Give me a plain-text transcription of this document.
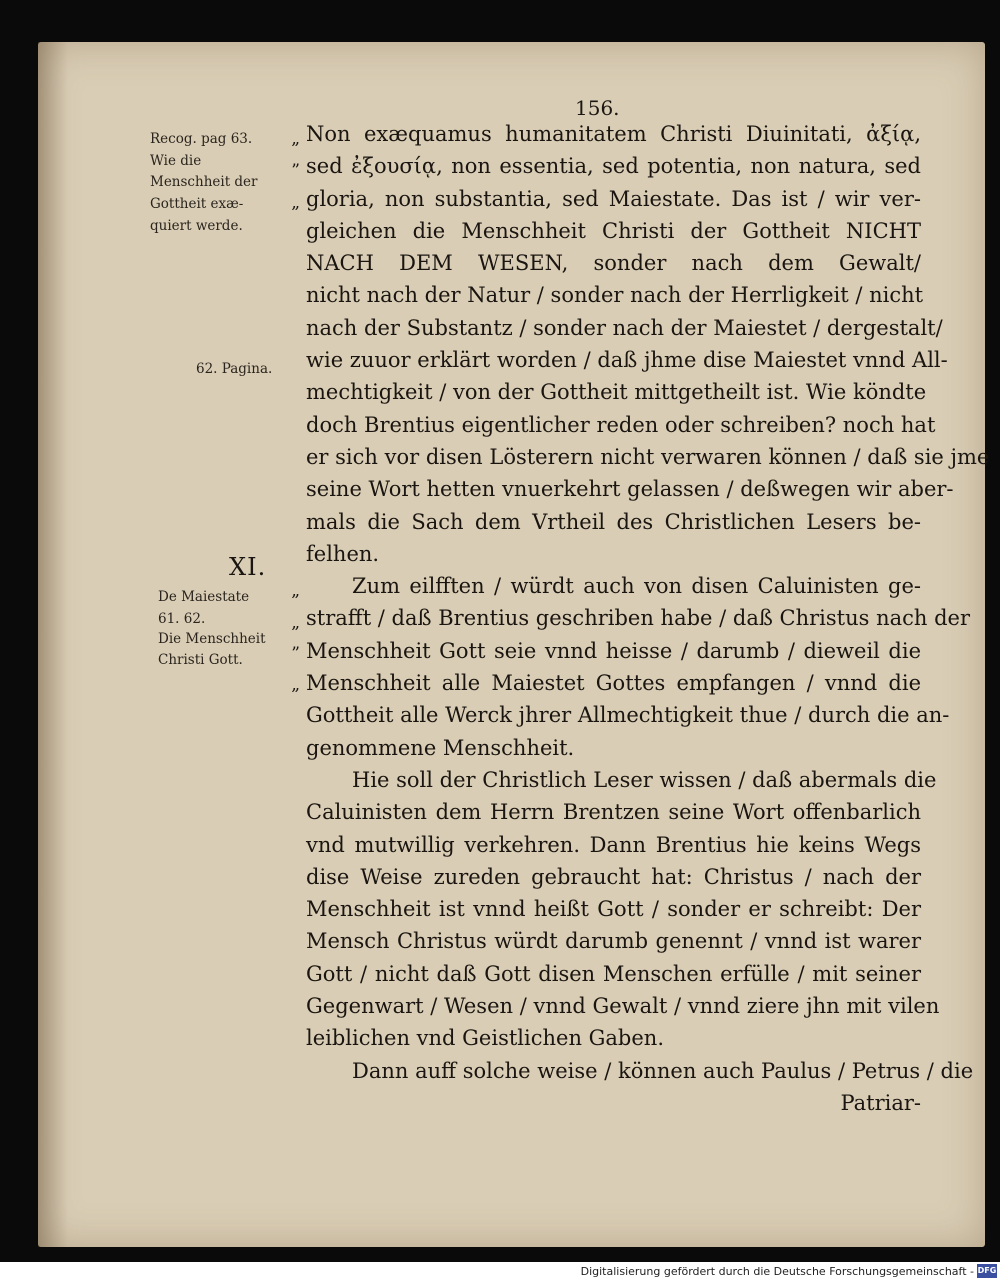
156.
Recog. pag 63.
Wie die
Menschheit der
Gottheit exæ-
quiert werde.
62. Pagina.
De Maiestate
61. 62.
Die Menschheit
Christi Gott.
XI.
„
”
„
„
„
”
„
Non exæquamus humanitatem Christi Diuinitati, ἀξίᾳ,
sed ἐξουσίᾳ, non essentia, sed potentia, non natura, sed
gloria, non substantia, sed Maiestate. Das ist / wir ver-
gleichen die Menschheit Christi der Gottheit NICHT
NACH DEM WESEN, sonder nach dem Gewalt/
nicht nach der Natur / sonder nach der Herrligkeit / nicht
nach der Substantz / sonder nach der Maiestet / dergestalt/
wie zuuor erklärt worden / daß jhme dise Maiestet vnnd All-
mechtigkeit / von der Gottheit mittgetheilt ist. Wie köndte
doch Brentius eigentlicher reden oder schreiben? noch hat
er sich vor disen Lösterern nicht verwaren können / daß sie jme
seine Wort hetten vnuerkehrt gelassen / deßwegen wir aber-
mals die Sach dem Vrtheil des Christlichen Lesers be-
felhen.
Zum eilfften / würdt auch von disen Caluinisten ge-
strafft / daß Brentius geschriben habe / daß Christus nach der
Menschheit Gott seie vnnd heisse / darumb / dieweil die
Menschheit alle Maiestet Gottes empfangen / vnnd die
Gottheit alle Werck jhrer Allmechtigkeit thue / durch die an-
genommene Menschheit.
Hie soll der Christlich Leser wissen / daß abermals die
Caluinisten dem Herrn Brentzen seine Wort offenbarlich
vnd mutwillig verkehren. Dann Brentius hie keins Wegs
dise Weise zureden gebraucht hat: Christus / nach der
Menschheit ist vnnd heißt Gott / sonder er schreibt: Der
Mensch Christus würdt darumb genennt / vnnd ist warer
Gott / nicht daß Gott disen Menschen erfülle / mit seiner
Gegenwart / Wesen / vnnd Gewalt / vnnd ziere jhn mit vilen
leiblichen vnd Geistlichen Gaben.
Dann auff solche weise / können auch Paulus / Petrus / die
Patriar-
Digitalisierung gefördert durch die Deutsche Forschungsgemeinschaft - DFG
